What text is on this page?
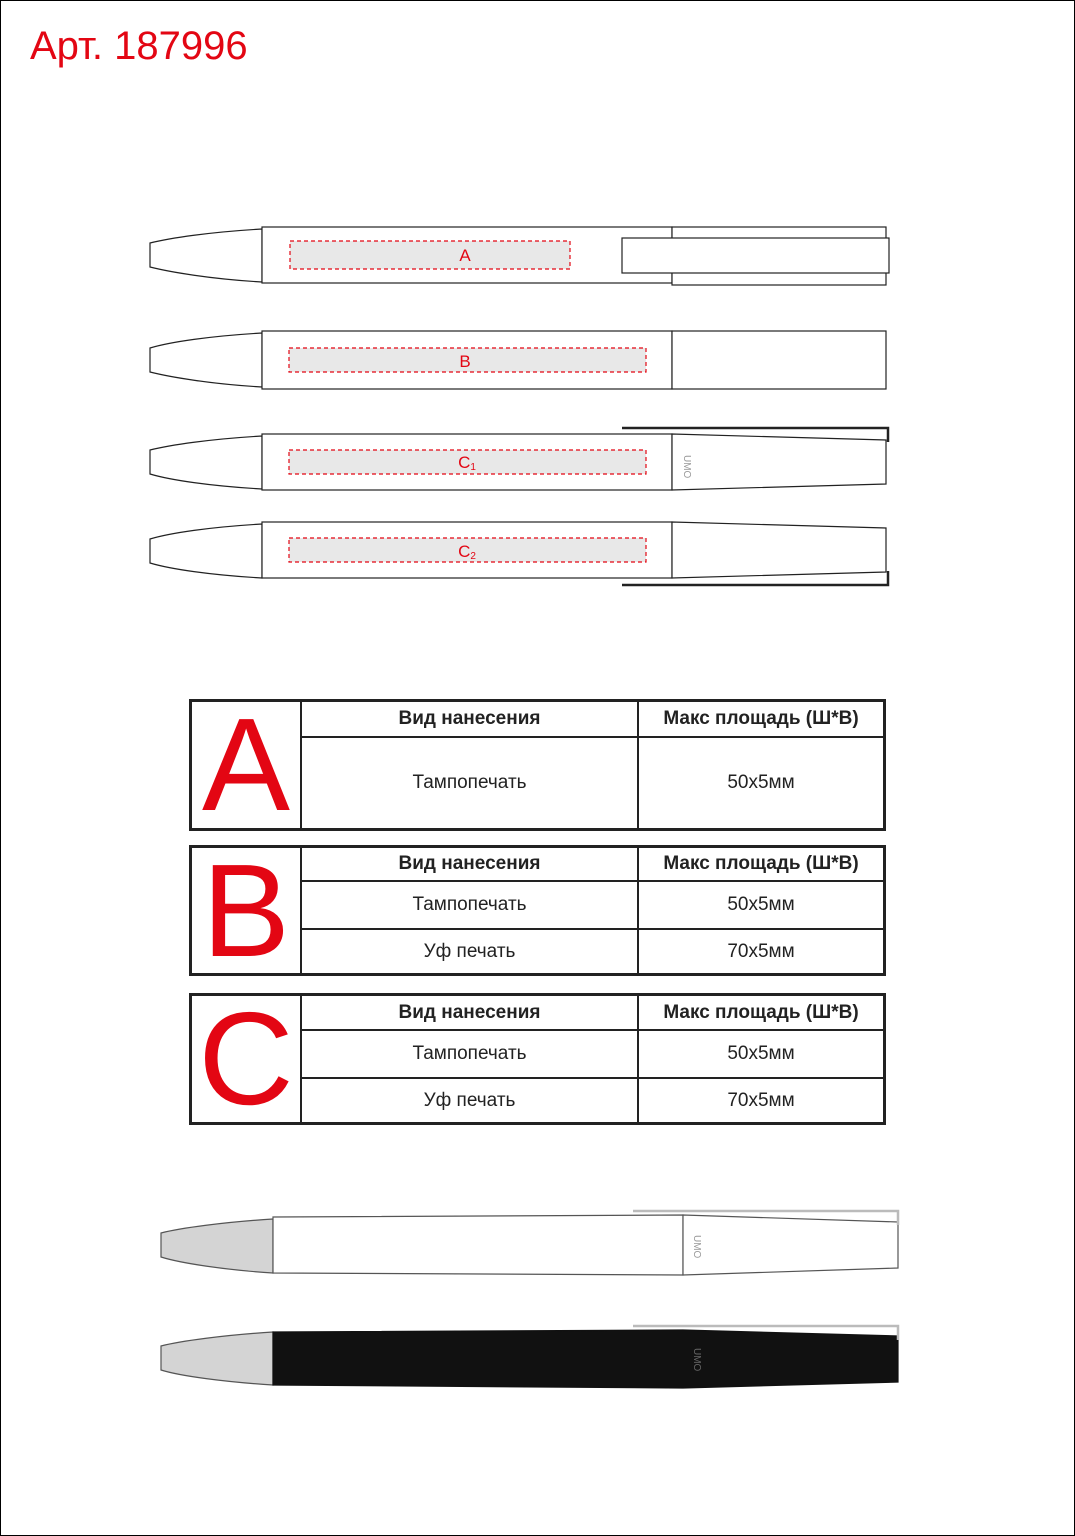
Арт. 187996
A
B
UMO
C1
C2
UMO
UMO
A	Вид нанесения	Макс площадь (Ш*В)
Тампопечать	50х5мм
B	Вид нанесения	Макс площадь (Ш*В)
Тампопечать	50х5мм
Уф печать	70х5мм
C	Вид нанесения	Макс площадь (Ш*В)
Тампопечать	50х5мм
Уф печать	70х5мм
